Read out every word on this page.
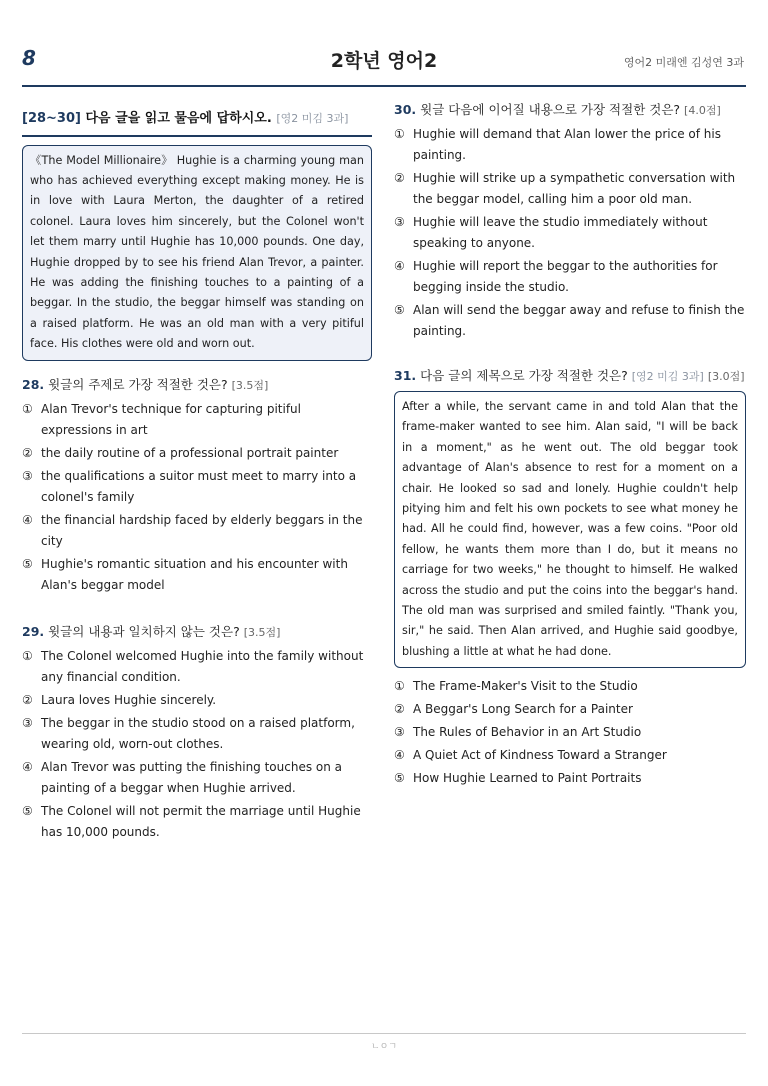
8	2학년 영어2	영어2 미래엔 김성연 3과
[28~30] 다음 글을 읽고 물음에 답하시오. [영2 미김 3과]
《The Model Millionaire》 Hughie is a charming young man who has achieved everything except making money. He is in love with Laura Merton, the daughter of a retired colonel. Laura loves him sincerely, but the Colonel won't let them marry until Hughie has 10,000 pounds. One day, Hughie dropped by to see his friend Alan Trevor, a painter. He was adding the finishing touches to a painting of a beggar. In the studio, the beggar himself was standing on a raised platform. He was an old man with a very pitiful face. His clothes were old and worn out.
28. 윗글의 주제로 가장 적절한 것은? [3.5점]
① Alan Trevor's technique for capturing pitiful expressions in art
② the daily routine of a professional portrait painter
③ the qualifications a suitor must meet to marry into a colonel's family
④ the financial hardship faced by elderly beggars in the city
⑤ Hughie's romantic situation and his encounter with Alan's beggar model
29. 윗글의 내용과 일치하지 않는 것은? [3.5점]
① The Colonel welcomed Hughie into the family without any financial condition.
② Laura loves Hughie sincerely.
③ The beggar in the studio stood on a raised platform, wearing old, worn-out clothes.
④ Alan Trevor was putting the finishing touches on a painting of a beggar when Hughie arrived.
⑤ The Colonel will not permit the marriage until Hughie has 10,000 pounds.
30. 윗글 다음에 이어질 내용으로 가장 적절한 것은? [4.0점]
① Hughie will demand that Alan lower the price of his painting.
② Hughie will strike up a sympathetic conversation with the beggar model, calling him a poor old man.
③ Hughie will leave the studio immediately without speaking to anyone.
④ Hughie will report the beggar to the authorities for begging inside the studio.
⑤ Alan will send the beggar away and refuse to finish the painting.
31. 다음 글의 제목으로 가장 적절한 것은? [영2 미김 3과] [3.0점]
After a while, the servant came in and told Alan that the frame-maker wanted to see him. Alan said, "I will be back in a moment," as he went out. The old beggar took advantage of Alan's absence to rest for a moment on a chair. He looked so sad and lonely. Hughie couldn't help pitying him and felt his own pockets to see what money he had. All he could find, however, was a few coins. "Poor old fellow, he wants them more than I do, but it means no carriage for two weeks," he thought to himself. He walked across the studio and put the coins into the beggar's hand. The old man was surprised and smiled faintly. "Thank you, sir," he said. Then Alan arrived, and Hughie said goodbye, blushing a little at what he had done.
① The Frame-Maker's Visit to the Studio
② A Beggar's Long Search for a Painter
③ The Rules of Behavior in an Art Studio
④ A Quiet Act of Kindness Toward a Stranger
⑤ How Hughie Learned to Paint Portraits
ㄴㅇㄱ
